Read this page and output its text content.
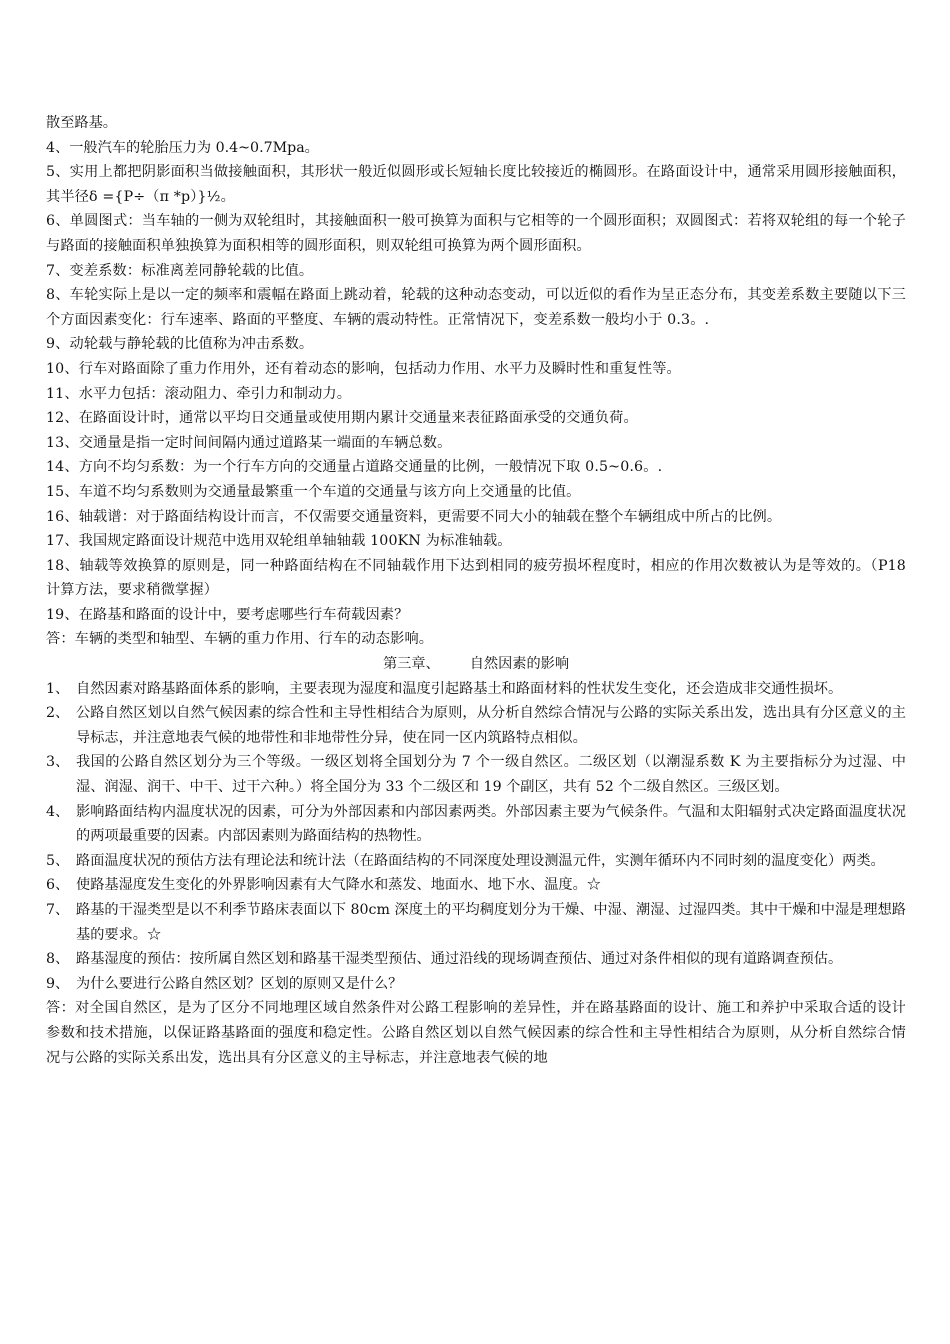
散至路基。

4、一般汽车的轮胎压力为 0.4~0.7Mpa。

5、实用上都把阴影面积当做接触面积，其形状一般近似圆形或长短轴长度比较接近的椭圆形。在路面设计中，通常采用圆形接触面积，其半径δ ={P÷（π *p）}½。

6、单圆图式：当车轴的一侧为双轮组时，其接触面积一般可换算为面积与它相等的一个圆形面积；双圆图式：若将双轮组的每一个轮子与路面的接触面积单独换算为面积相等的圆形面积，则双轮组可换算为两个圆形面积。

7、变差系数：标准离差同静轮载的比值。

8、车轮实际上是以一定的频率和震幅在路面上跳动着，轮载的这种动态变动，可以近似的看作为呈正态分布，其变差系数主要随以下三个方面因素变化：行车速率、路面的平整度、车辆的震动特性。正常情况下，变差系数一般均小于 0.3。.

9、动轮载与静轮载的比值称为冲击系数。

10、行车对路面除了重力作用外，还有着动态的影响，包括动力作用、水平力及瞬时性和重复性等。

11、水平力包括：滚动阻力、牵引力和制动力。

12、在路面设计时，通常以平均日交通量或使用期内累计交通量来表征路面承受的交通负荷。

13、交通量是指一定时间间隔内通过道路某一端面的车辆总数。

14、方向不均匀系数：为一个行车方向的交通量占道路交通量的比例，一般情况下取 0.5~0.6。.

15、车道不均匀系数则为交通量最繁重一个车道的交通量与该方向上交通量的比值。

16、轴载谱：对于路面结构设计而言，不仅需要交通量资料，更需要不同大小的轴载在整个车辆组成中所占的比例。

17、我国规定路面设计规范中选用双轮组单轴轴载 100KN 为标准轴载。

18、轴载等效换算的原则是，同一种路面结构在不同轴载作用下达到相同的疲劳损坏程度时，相应的作用次数被认为是等效的。（P18 计算方法，要求稍微掌握）

19、在路基和路面的设计中，要考虑哪些行车荷载因素？

答：车辆的类型和轴型、车辆的重力作用、行车的动态影响。

第三章、 自然因素的影响

1、 自然因素对路基路面体系的影响，主要表现为湿度和温度引起路基土和路面材料的性状发生变化，还会造成非交通性损坏。
2、 公路自然区划以自然气候因素的综合性和主导性相结合为原则，从分析自然综合情况与公路的实际关系出发，选出具有分区意义的主导标志，并注意地表气候的地带性和非地带性分异，使在同一区内筑路特点相似。
3、 我国的公路自然区划分为三个等级。一级区划将全国划分为 7 个一级自然区。二级区划（以潮湿系数 K 为主要指标分为过湿、中湿、润湿、润干、中干、过干六种。）将全国分为 33 个二级区和 19 个副区，共有 52 个二级自然区。三级区划。
4、 影响路面结构内温度状况的因素，可分为外部因素和内部因素两类。外部因素主要为气候条件。气温和太阳辐射式决定路面温度状况的两项最重要的因素。内部因素则为路面结构的热物性。
5、 路面温度状况的预估方法有理论法和统计法（在路面结构的不同深度处理设测温元件，实测年循环内不同时刻的温度变化）两类。
6、 使路基湿度发生变化的外界影响因素有大气降水和蒸发、地面水、地下水、温度。☆
7、 路基的干湿类型是以不利季节路床表面以下 80cm 深度土的平均稠度划分为干燥、中湿、潮湿、过湿四类。其中干燥和中湿是理想路基的要求。☆
8、 路基湿度的预估：按所属自然区划和路基干湿类型预估、通过沿线的现场调查预估、通过对条件相似的现有道路调查预估。
9、 为什么要进行公路自然区划？区划的原则又是什么？

答：对全国自然区，是为了区分不同地理区域自然条件对公路工程影响的差异性，并在路基路面的设计、施工和养护中采取合适的设计参数和技术措施，以保证路基路面的强度和稳定性。公路自然区划以自然气候因素的综合性和主导性相结合为原则，从分析自然综合情况与公路的实际关系出发，选出具有分区意义的主导标志，并注意地表气候的地
